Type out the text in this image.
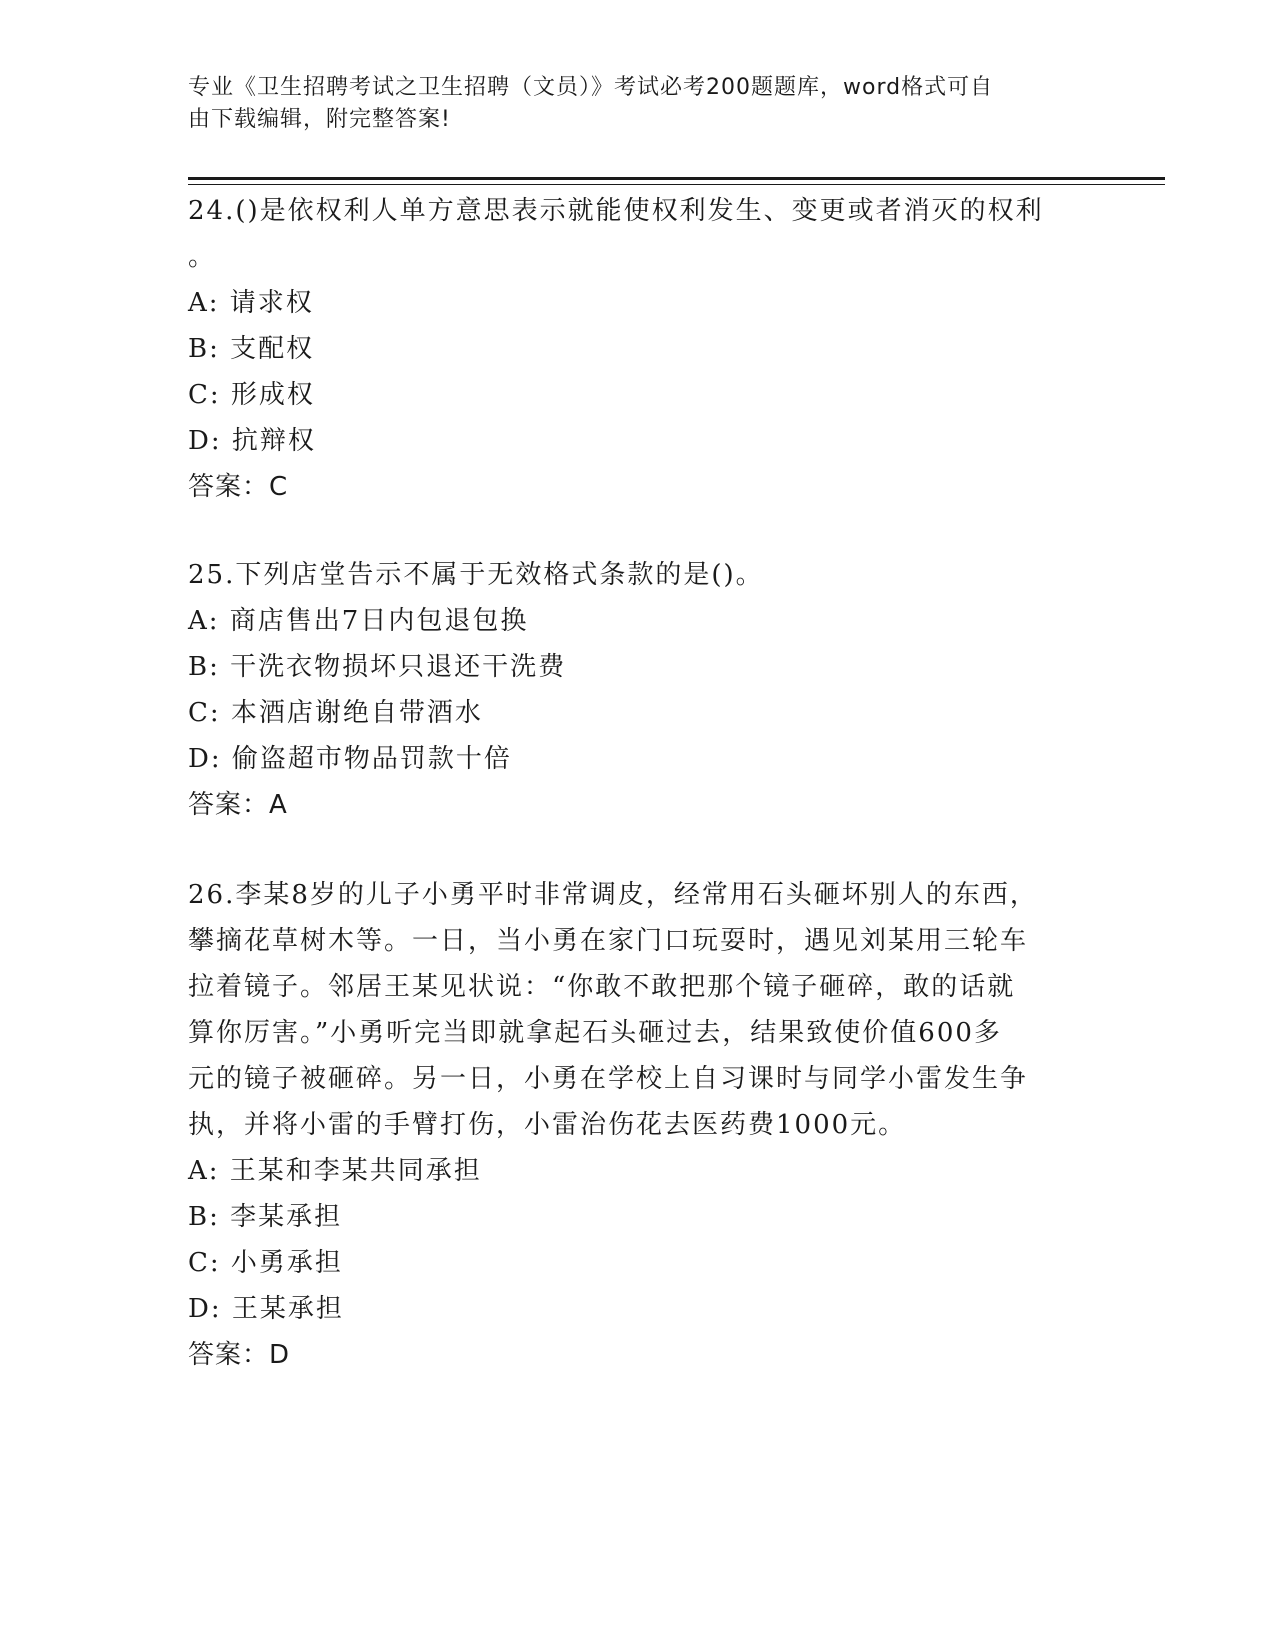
专业《卫生招聘考试之卫生招聘（文员）》考试必考200题题库，word格式可自
由下载编辑，附完整答案!
24.()是依权利人单方意思表示就能使权利发生、变更或者消灭的权利
。
A: 请求权
B: 支配权
C: 形成权
D: 抗辩权
答案：C
25.下列店堂告示不属于无效格式条款的是()。
A: 商店售出7日内包退包换
B: 干洗衣物损坏只退还干洗费
C: 本酒店谢绝自带酒水
D: 偷盗超市物品罚款十倍
答案：A
26.李某8岁的儿子小勇平时非常调皮，经常用石头砸坏别人的东西，
攀摘花草树木等。一日，当小勇在家门口玩耍时，遇见刘某用三轮车
拉着镜子。邻居王某见状说：“你敢不敢把那个镜子砸碎，敢的话就
算你厉害。”小勇听完当即就拿起石头砸过去，结果致使价值600多
元的镜子被砸碎。另一日，小勇在学校上自习课时与同学小雷发生争
执，并将小雷的手臂打伤，小雷治伤花去医药费1000元。
A: 王某和李某共同承担
B: 李某承担
C: 小勇承担
D: 王某承担
答案：D
